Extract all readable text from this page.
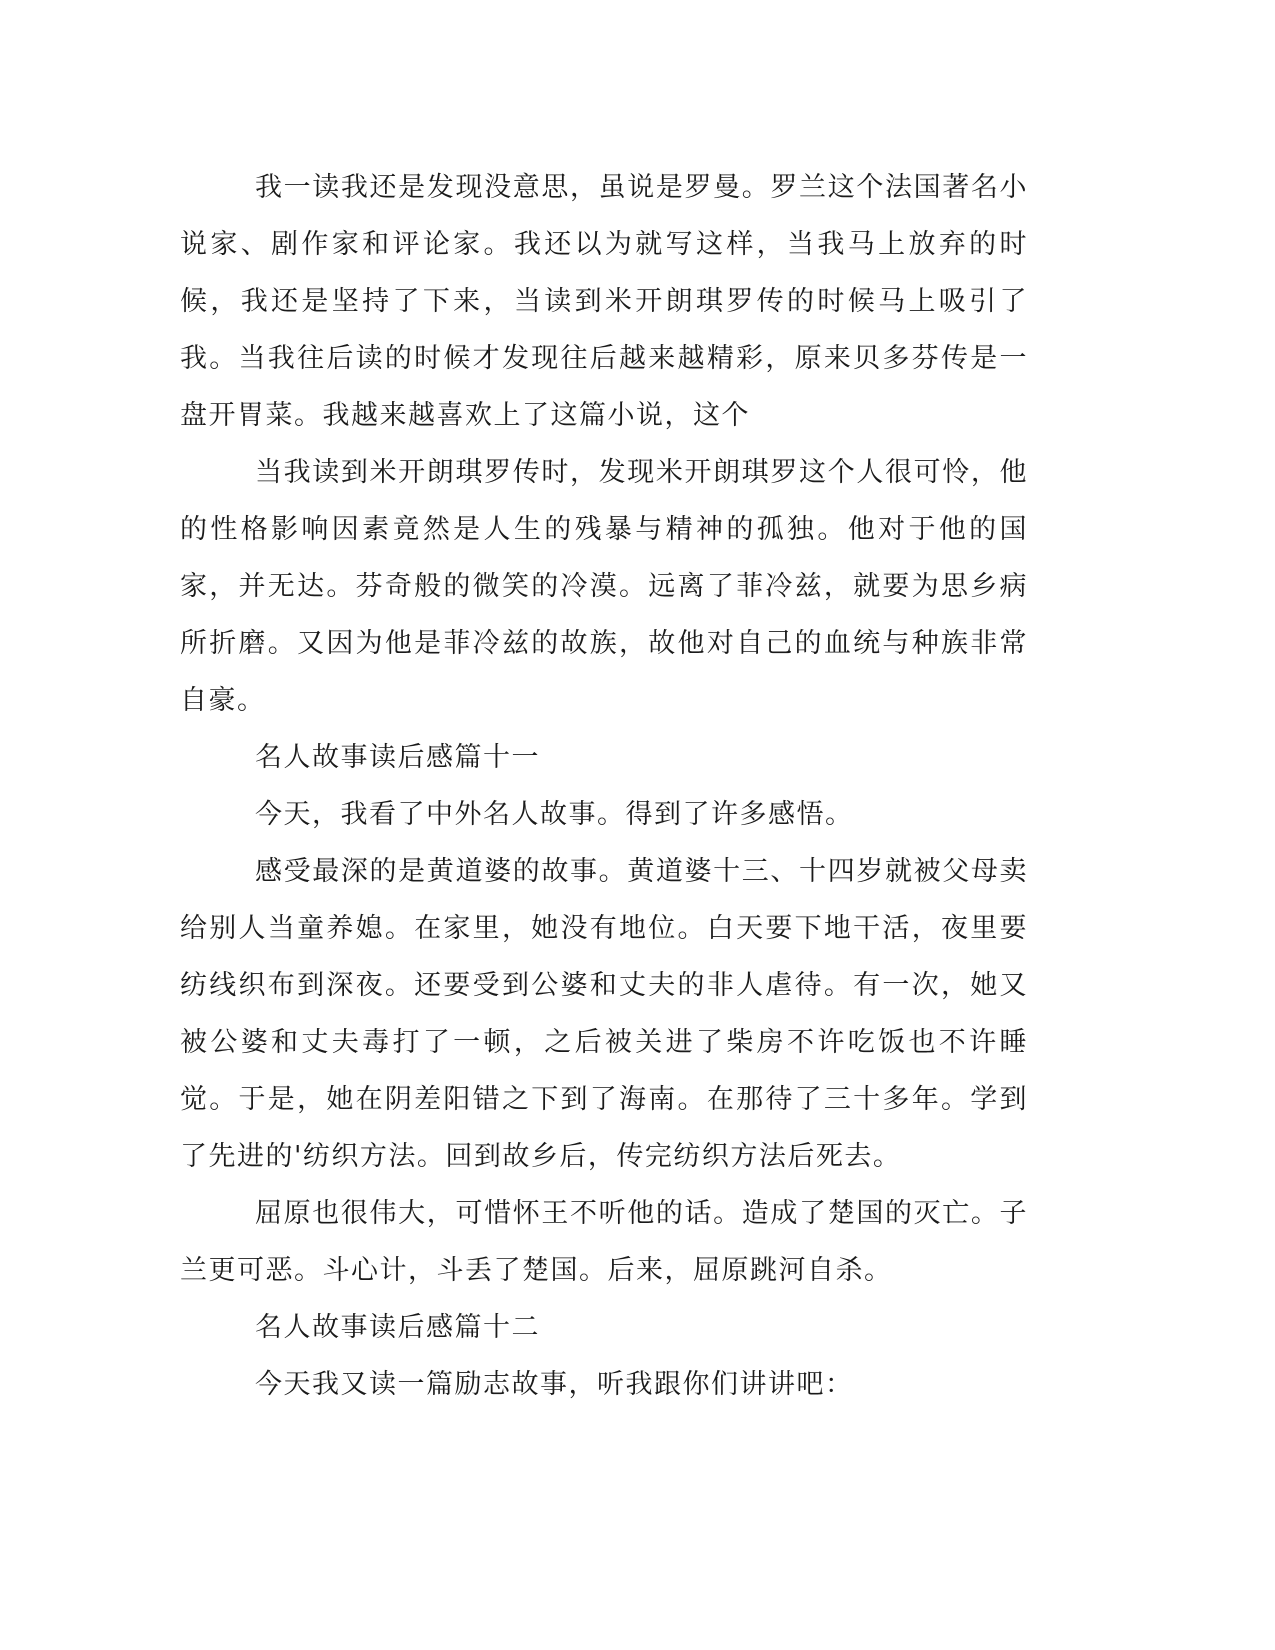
我一读我还是发现没意思，虽说是罗曼。罗兰这个法国著名小说家、剧作家和评论家。我还以为就写这样，当我马上放弃的时候，我还是坚持了下来，当读到米开朗琪罗传的时候马上吸引了我。当我往后读的时候才发现往后越来越精彩，原来贝多芬传是一盘开胃菜。我越来越喜欢上了这篇小说，这个

当我读到米开朗琪罗传时，发现米开朗琪罗这个人很可怜，他的性格影响因素竟然是人生的残暴与精神的孤独。他对于他的国家，并无达。芬奇般的微笑的冷漠。远离了菲冷兹，就要为思乡病所折磨。又因为他是菲冷兹的故族，故他对自己的血统与种族非常自豪。

名人故事读后感篇十一

今天，我看了中外名人故事。得到了许多感悟。

感受最深的是黄道婆的故事。黄道婆十三、十四岁就被父母卖给别人当童养媳。在家里，她没有地位。白天要下地干活，夜里要纺线织布到深夜。还要受到公婆和丈夫的非人虐待。有一次，她又被公婆和丈夫毒打了一顿，之后被关进了柴房不许吃饭也不许睡觉。于是，她在阴差阳错之下到了海南。在那待了三十多年。学到了先进的'纺织方法。回到故乡后，传完纺织方法后死去。

屈原也很伟大，可惜怀王不听他的话。造成了楚国的灭亡。子兰更可恶。斗心计，斗丢了楚国。后来，屈原跳河自杀。

名人故事读后感篇十二

今天我又读一篇励志故事，听我跟你们讲讲吧：
